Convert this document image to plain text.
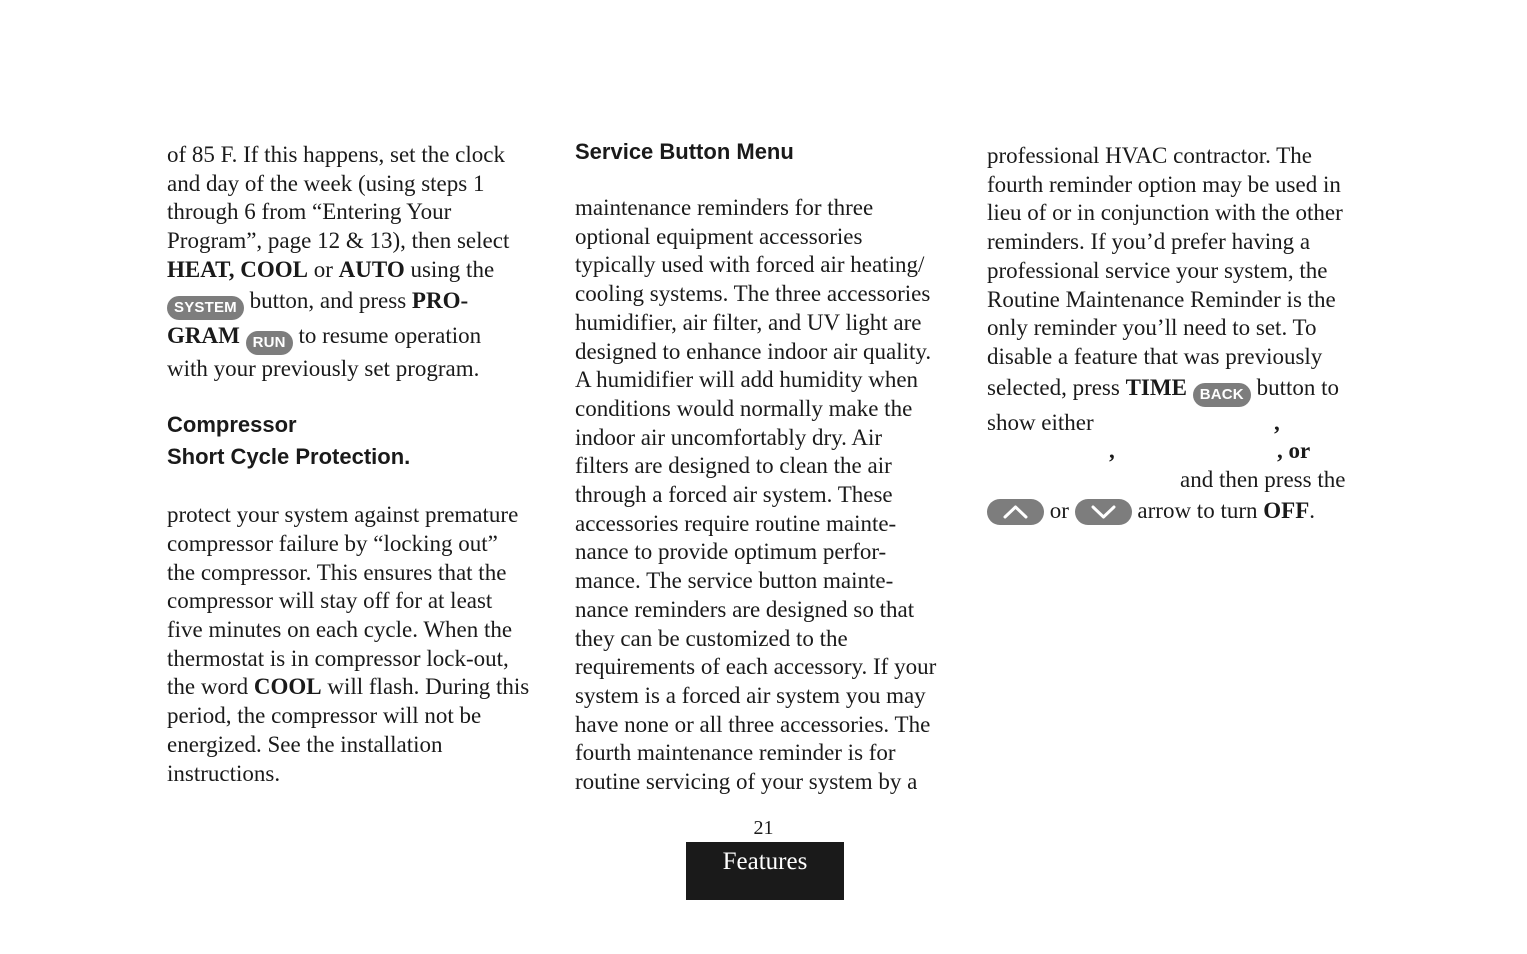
of 85 F. If this happens, set the clock
and day of the week (using steps 1
through 6 from “Entering Your
Program”, page 12 & 13), then select
HEAT, COOL or AUTO using the
SYSTEM button, and press PRO-
GRAM RUN to resume operation
with your previously set program.
Compressor
Short Cycle Protection.
protect your system against premature
compressor failure by “locking out”
the compressor. This ensures that the
compressor will stay off for at least
five minutes on each cycle. When the
thermostat is in compressor lock-out,
the word COOL will flash. During this
period, the compressor will not be
energized. See the installation
instructions.
Service Button Menu
maintenance reminders for three
optional equipment accessories
typically used with forced air heating/
cooling systems. The three accessories
humidifier, air filter, and UV light are
designed to enhance indoor air quality.
A humidifier will add humidity when
conditions would normally make the
indoor air uncomfortably dry. Air
filters are designed to clean the air
through a forced air system. These
accessories require routine mainte-
nance to provide optimum perfor-
mance. The service button mainte-
nance reminders are designed so that
they can be customized to the
requirements of each accessory. If your
system is a forced air system you may
have none or all three accessories. The
fourth maintenance reminder is for
routine servicing of your system by a
professional HVAC contractor. The
fourth reminder option may be used in
lieu of or in conjunction with the other
reminders. If you’d prefer having a
professional service your system, the
Routine Maintenance Reminder is the
only reminder you’ll need to set. To
disable a feature that was previously
selected, press TIME BACK button to
show either	,
,	, or
and then press the
or
arrow to turn OFF.
21
Features
